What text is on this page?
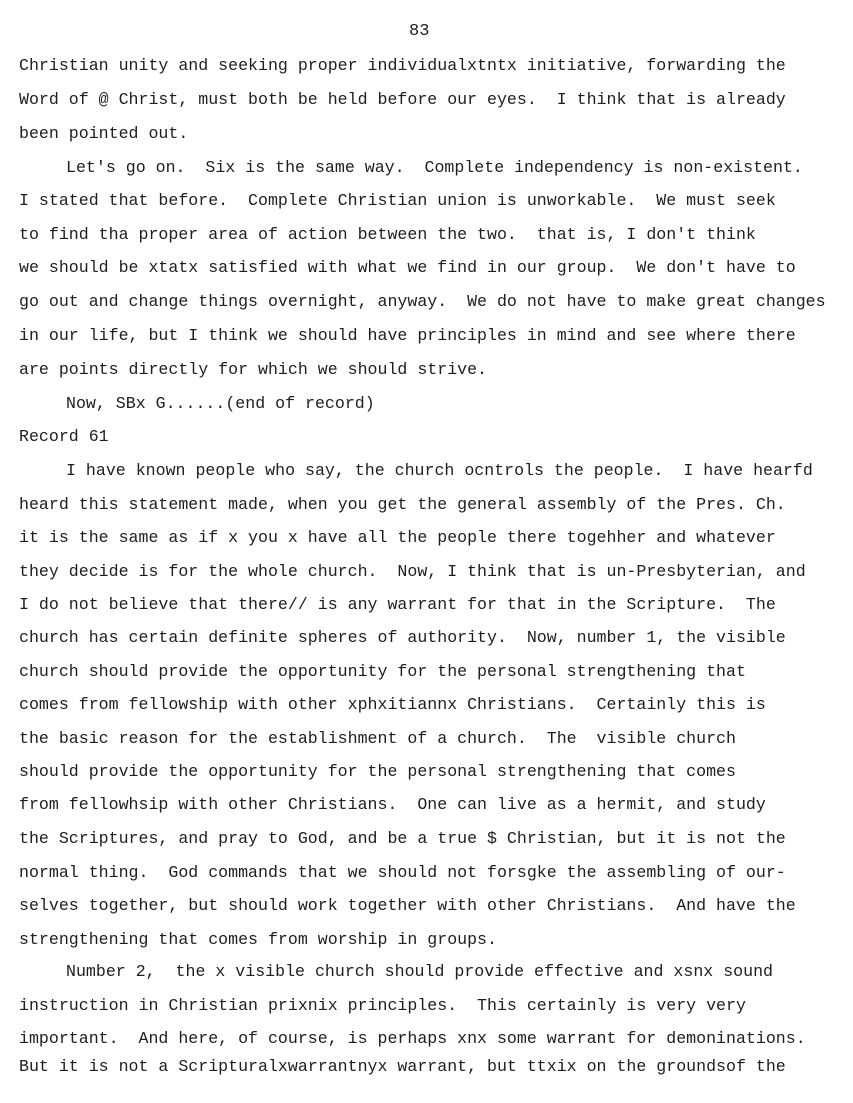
83
Christian unity and seeking proper individualxtntx initiative, forwarding the
Word of @ Christ, must both be held before our eyes.  I think that is already
been pointed out.
Let's go on.  Six is the same way.  Complete independency is non-existent.
I stated that before.  Complete Christian union is unworkable.  We must seek
to find tha proper area of action between the two.  that is, I don't think
we should be xtatx satisfied with what we find in our group.  We don't have to
go out and change things overnight, anyway.  We do not have to make great changes
in our life, but I think we should have principles in mind and see where there
are points directly for which we should strive.
Now, SBx G......(end of record)
Record 61
I have known people who say, the church ocntrols the people.  I have hearfd
heard this statement made, when you get the general assembly of the Pres. Ch.
it is the same as if x you x have all the people there togehher and whatever
they decide is for the whole church.  Now, I think that is un-Presbyterian, and
I do not believe that there// is any warrant for that in the Scripture.  The
church has certain definite spheres of authority.  Now, number 1, the visible
church should provide the opportunity for the personal strengthening that
comes from fellowship with other xphxitiannx Christians.  Certainly this is
the basic reason for the establishment of a church.  The  visible church
should provide the opportunity for the personal strengthening that comes
from fellowhsip with other Christians.  One can live as a hermit, and study
the Scriptures, and pray to God, and be a true $ Christian, but it is not the
normal thing.  God commands that we should not forsgke the assembling of our-
selves together, but should work together with other Christians.  And have the
strengthening that comes from worship in groups.
Number 2,  the x visible church should provide effective and xsnx sound
instruction in Christian prixnix principles.  This certainly is very very
important.  And here, of course, is perhaps xnx some warrant for demoninations.
But it is not a Scripturalxwarrantnyx warrant, but ttxix on the groundsof the
